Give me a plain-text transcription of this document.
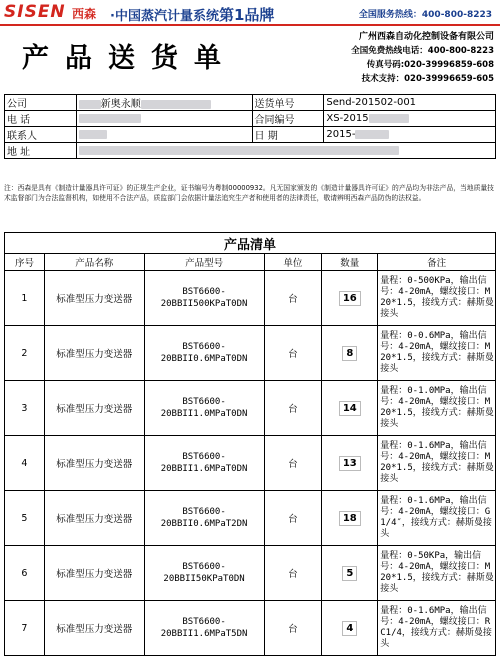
SISEN 西森 ·中国蒸汽计量系统第1品牌	全国服务热线：400-800-8223
产品送货单
广州西森自动化控制设备有限公司
全国免费热线电话：400-800-8223
传真号码:020-39996859-608
技术支持：020-39996659-605
公司	新奥永顺	送货单号	Send-201502-001
电 话		合同编号	XS-2015
联系人		日 期	2015-
地 址			
注：西森是具有《制造计量器具许可证》的正规生产企业，证书编号为粤制00000932。凡无国家颁发的《制造计量器具许可证》的产品均为非法产品，当地质量技术监督部门为合法监督机构，如使用不合法产品，质监部门会依据计量法追究生产者和使用者的法律责任，敬请辨明西森产品防伪的法权益。
产品清单					
序号	产品名称	产品型号	单位	数量	备注
1	标准型压力变送器	BST6600-20BBII500KPaT0DN	台	16	量程：0-500KPa，输出信号：4-20mA，螺纹接口：M20*1.5，接线方式：赫斯曼接头
2	标准型压力变送器	BST6600-20BBII0.6MPaT0DN	台	8	量程：0-0.6MPa，输出信号：4-20mA，螺纹接口：M20*1.5，接线方式：赫斯曼接头
3	标准型压力变送器	BST6600-20BBII1.0MPaT0DN	台	14	量程：0-1.0MPa，输出信号：4-20mA，螺纹接口：M20*1.5，接线方式：赫斯曼接头
4	标准型压力变送器	BST6600-20BBII1.6MPaT0DN	台	13	量程：0-1.6MPa，输出信号：4-20mA，螺纹接口：M20*1.5，接线方式：赫斯曼接头
5	标准型压力变送器	BST6600-20BBII0.6MPaT2DN	台	18	量程：0-1.6MPa，输出信号：4-20mA，螺纹接口：G1/4″，接线方式：赫斯曼接头
6	标准型压力变送器	BST6600-20BBII50KPaT0DN	台	5	量程：0-50KPa，输出信号：4-20mA，螺纹接口：M20*1.5，接线方式：赫斯曼接头
7	标准型压力变送器	BST6600-20BBII1.6MPaT5DN	台	4	量程：0-1.6MPa，输出信号：4-20mA，螺纹接口：RC1/4，接线方式：赫斯曼接头
